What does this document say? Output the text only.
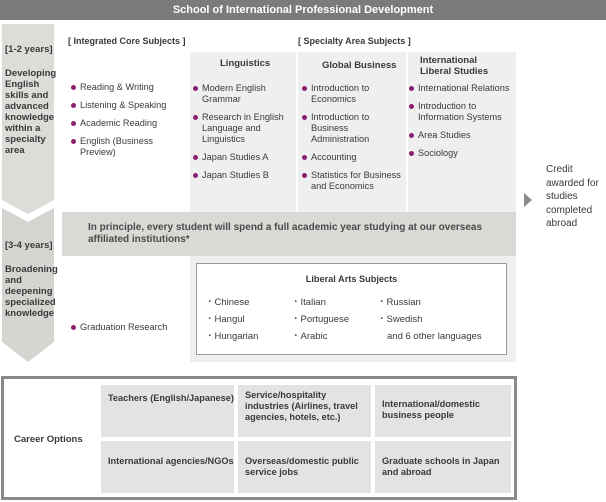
School of International Professional Development
[1-2 years]
Developing
English
skills and
advanced
knowledge
within a
specialty
area
[3-4 years]
Broadening
and
deepening
specialized
knowledge
[ Integrated Core Subjects ]	[ Specialty Area Subjects ]
Reading & Writing
Listening & Speaking
Academic Reading
English (Business Preview)
Linguistics
Modern English Grammar
Research in English Language and Linguistics
Japan Studies A
Japan Studies B
Global Business
Introduction to Economics
Introduction to Business Administration
Accounting
Statistics for Business and Economics
International Liberal Studies
International Relations
Introduction to Information Systems
Area Studies
Sociology
In principle, every student will spend a full academic year studying at our overseas affiliated institutions*
Credit awarded for studies completed abroad
Liberal Arts Subjects
・Chinese
・Hangul
・Hungarian
・Italian
・Portuguese
・Arabic
・Russian
・Swedish
and 6 other languages
Graduation Research
Career Options
Teachers (English/Japanese)	Service/hospitality industries (Airlines, travel agencies, hotels, etc.)
International/domestic business people
International agencies/NGOs	Overseas/domestic public service jobs
Graduate schools in Japan and abroad
